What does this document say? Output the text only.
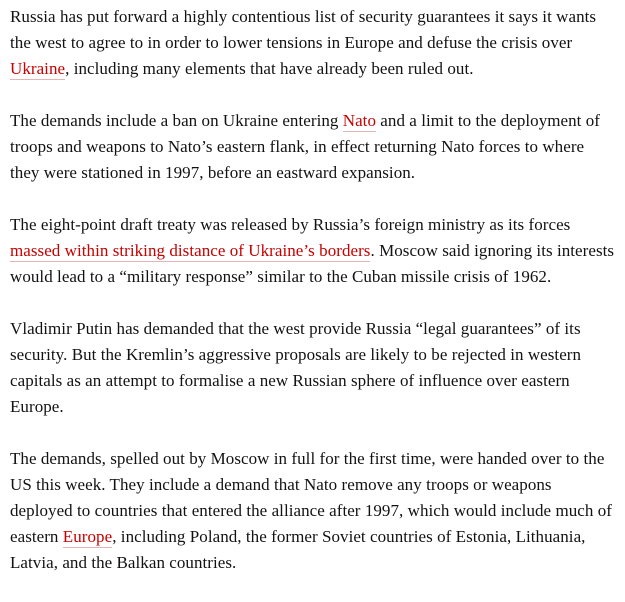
Russia has put forward a highly contentious list of security guarantees it says it wants the west to agree to in order to lower tensions in Europe and defuse the crisis over Ukraine, including many elements that have already been ruled out.

The demands include a ban on Ukraine entering Nato and a limit to the deployment of troops and weapons to Nato’s eastern flank, in effect returning Nato forces to where they were stationed in 1997, before an eastward expansion.

The eight-point draft treaty was released by Russia’s foreign ministry as its forces massed within striking distance of Ukraine’s borders. Moscow said ignoring its interests would lead to a “military response” similar to the Cuban missile crisis of 1962.

Vladimir Putin has demanded that the west provide Russia “legal guarantees” of its security. But the Kremlin’s aggressive proposals are likely to be rejected in western capitals as an attempt to formalise a new Russian sphere of influence over eastern Europe.

The demands, spelled out by Moscow in full for the first time, were handed over to the US this week. They include a demand that Nato remove any troops or weapons deployed to countries that entered the alliance after 1997, which would include much of eastern Europe, including Poland, the former Soviet countries of Estonia, Lithuania, Latvia, and the Balkan countries.
